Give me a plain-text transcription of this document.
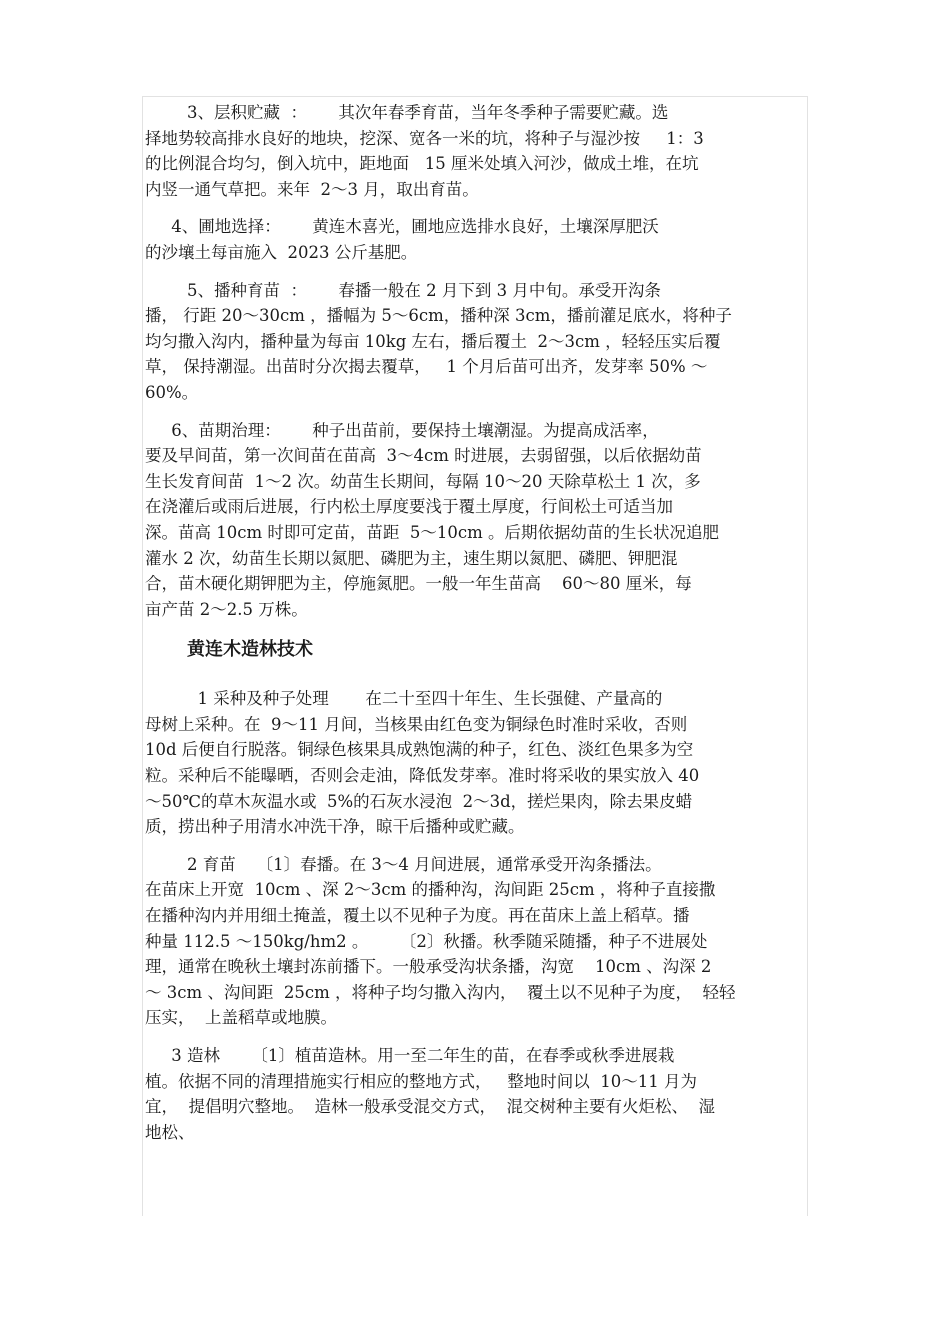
3、层积贮藏  ：      其次年春季育苗，当年冬季种子需要贮藏。选
择地势较高排水良好的地块，挖深、宽各一米的坑，将种子与湿沙按     1：3
的比例混合均匀，倒入坑中，距地面   15 厘米处填入河沙，做成土堆，在坑
内竖一通气草把。来年  2～3 月，取出育苗。

4、圃地选择：      黄连木喜光，圃地应选排水良好，土壤深厚肥沃
的沙壤土每亩施入  2023 公斤基肥。

5、播种育苗  ：      春播一般在 2 月下到 3 月中旬。承受开沟条
播， 行距 20～30cm ，播幅为 5～6cm，播种深 3cm，播前灌足底水，将种子
均匀撒入沟内，播种量为每亩 10kg 左右，播后覆土  2～3cm ，轻轻压实后覆
草， 保持潮湿。出苗时分次揭去覆草，   1 个月后苗可出齐，发芽率 50% ～
60%。

6、苗期治理：      种子出苗前，要保持土壤潮湿。为提高成活率，
要及早间苗，第一次间苗在苗高  3～4cm 时进展，去弱留强，以后依据幼苗
生长发育间苗  1～2 次。幼苗生长期间，每隔 10～20 天除草松土 1 次，多
在浇灌后或雨后进展，行内松土厚度要浅于覆土厚度，行间松土可适当加
深。苗高 10cm 时即可定苗，苗距  5～10cm 。后期依据幼苗的生长状况追肥
灌水 2 次，幼苗生长期以氮肥、磷肥为主，速生期以氮肥、磷肥、钾肥混
合，苗木硬化期钾肥为主，停施氮肥。一般一年生苗高    60～80 厘米，每
亩产苗 2～2.5 万株。

黄连木造林技术

1 采种及种子处理       在二十至四十年生、生长强健、产量高的
母树上采种。在  9～11 月间，当核果由红色变为铜绿色时准时采收，否则
10d 后便自行脱落。铜绿色核果具成熟饱满的种子，红色、淡红色果多为空
粒。采种后不能曝晒，否则会走油，降低发芽率。准时将采收的果实放入 40
～50℃的草木灰温水或  5%的石灰水浸泡  2～3d，搓烂果肉，除去果皮蜡
质，捞出种子用清水冲洗干净，晾干后播种或贮藏。

2 育苗    〔1〕春播。在 3～4 月间进展，通常承受开沟条播法。
在苗床上开宽  10cm 、深 2～3cm 的播种沟，沟间距 25cm ，将种子直接撒
在播种沟内并用细土掩盖，覆土以不见种子为度。再在苗床上盖上稻草。播
种量 112.5 ～150kg/hm2 。      〔2〕秋播。秋季随采随播，种子不进展处
理，通常在晚秋土壤封冻前播下。一般承受沟状条播，沟宽    10cm 、沟深 2
～ 3cm 、沟间距  25cm ，将种子均匀撒入沟内，  覆土以不见种子为度，  轻轻
压实，  上盖稻草或地膜。

3 造林      〔1〕植苗造林。用一至二年生的苗，在春季或秋季进展栽
植。依据不同的清理措施实行相应的整地方式，   整地时间以  10～11 月为
宜，  提倡明穴整地。  造林一般承受混交方式，  混交树种主要有火炬松、  湿
地松、
